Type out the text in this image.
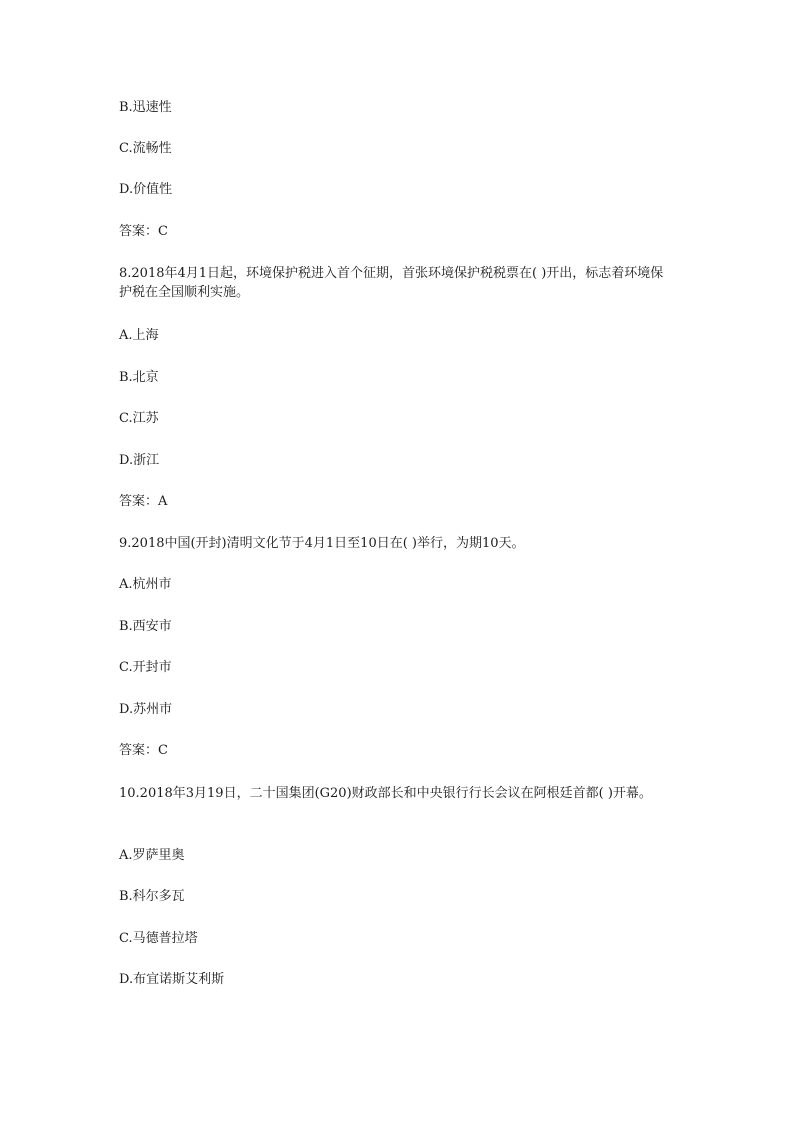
B.迅速性
C.流畅性
D.价值性
答案：C
8.2018年4月1日起，环境保护税进入首个征期，首张环境保护税税票在( )开出，标志着环境保护税在全国顺利实施。
A.上海
B.北京
C.江苏
D.浙江
答案：A
9.2018中国(开封)清明文化节于4月1日至10日在( )举行，为期10天。
A.杭州市
B.西安市
C.开封市
D.苏州市
答案：C
10.2018年3月19日，二十国集团(G20)财政部长和中央银行行长会议在阿根廷首都( )开幕。
A.罗萨里奥
B.科尔多瓦
C.马德普拉塔
D.布宜诺斯艾利斯
